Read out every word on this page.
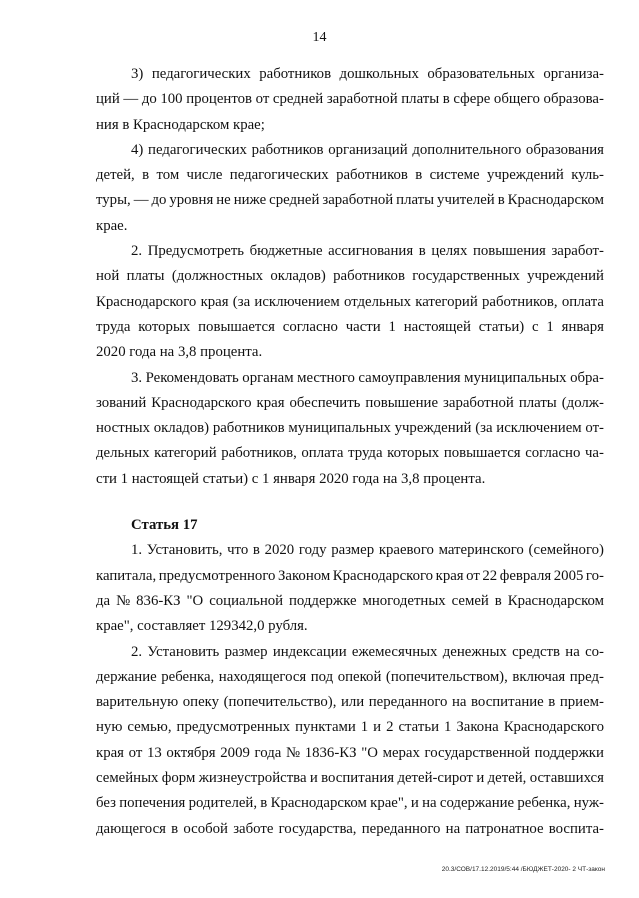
14
3) педагогических работников дошкольных образовательных организа-
ций — до 100 процентов от средней заработной платы в сфере общего образова-
ния в Краснодарском крае;
4) педагогических работников организаций дополнительного образования
детей, в том числе педагогических работников в системе учреждений куль-
туры, — до уровня не ниже средней заработной платы учителей в Краснодарском
крае.
2. Предусмотреть бюджетные ассигнования в целях повышения заработ-
ной платы (должностных окладов) работников государственных учреждений
Краснодарского края (за исключением отдельных категорий работников, оплата
труда которых повышается согласно части 1 настоящей статьи) с 1 января
2020 года на 3,8 процента.
3. Рекомендовать органам местного самоуправления муниципальных обра-
зований Краснодарского края обеспечить повышение заработной платы (долж-
ностных окладов) работников муниципальных учреждений (за исключением от-
дельных категорий работников, оплата труда которых повышается согласно ча-
сти 1 настоящей статьи) с 1 января 2020 года на 3,8 процента.
Статья 17
1. Установить, что в 2020 году размер краевого материнского (семейного)
капитала, предусмотренного Законом Краснодарского края от 22 февраля 2005 го-
да № 836-КЗ "О социальной поддержке многодетных семей в Краснодарском
крае", составляет 129342,0 рубля.
2. Установить размер индексации ежемесячных денежных средств на со-
держание ребенка, находящегося под опекой (попечительством), включая пред-
варительную опеку (попечительство), или переданного на воспитание в прием-
ную семью, предусмотренных пунктами 1 и 2 статьи 1 Закона Краснодарского
края от 13 октября 2009 года № 1836-КЗ "О мерах государственной поддержки
семейных форм жизнеустройства и воспитания детей-сирот и детей, оставшихся
без попечения родителей, в Краснодарском крае", и на содержание ребенка, нуж-
дающегося в особой заботе государства, переданного на патронатное воспита-
20.3/СОВ/17.12.2019/5:44 /БЮДЖЕТ-2020- 2 ЧТ-закон
